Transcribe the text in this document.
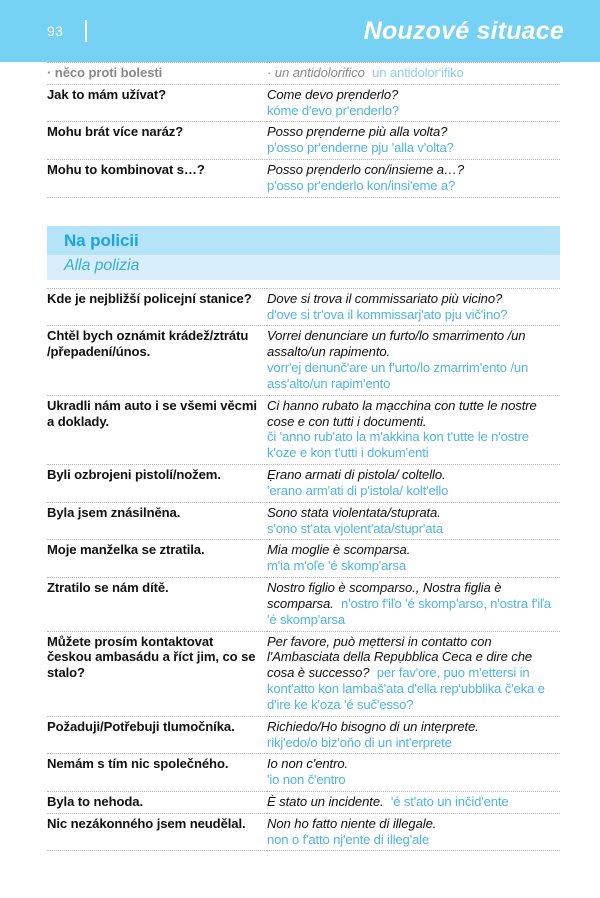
93	Nouzové situace
· něco proti bolesti	· un antidolorifico un antidolor'ifiko
Jak to mám užívat?	Come devo prẹnderlo?
kóme d'evo pr'enderlo?
Mohu brát více naráz?	Posso prẹnderne più alla volta?
p'osso pr'enderne pju 'alla v'olta?
Mohu to kombinovat s…?	Posso prẹnderlo con/insieme a…?
p'osso pr'enderlo kon/insi'eme a?
Na policii
Alla polizia
Kde je nejbližší policejní stanice?	Dove si trova il commissariato più vicino?
d'ove si tr'ova il kommissarj'ato pju vič'ino?
Chtěl bych oznámit krádež/ztrátu /přepadení/únos.	Vorrei denunciare un furto/lo smarrimento /un assalto/un rapimento.
vorr'ej denunč'are un f'urto/lo zmarrim'ento /un ass'alto/un rapim'ento
Ukradli nám auto i se všemi věcmi a doklady.	Ci hanno rubato la mạcchina con tutte le nostre cose e con tutti i documenti.
či 'anno rub'ato la m'akkina kon t'utte le n'ostre k'oze e kon t'utti i dokum'enti
Byli ozbrojeni pistolí/nožem.	Ẹrano armati di pistola/ coltello.
'erano arm'ati di p'istola/ kolt'ello
Byla jsem znásilněna.	Sono stata violentata/stuprata.
s'ono st'ata vjolent'ata/stupr'ata
Moje manželka se ztratila.	Mia moglie è scomparsa.
m'ia m'oľe 'é skomp'arsa
Ztratilo se nám dítě.	Nostro figlio è scomparso., Nostra figlia è scomparsa. n'ostro f'iľo 'é skomp'arso, n'ostra f'iľa 'é skomp'arsa
Můžete prosím kontaktovat českou ambasádu a říct jim, co se stalo?	Per favore, può mẹttersi in contatto con l'Ambasciata della Repụbblica Ceca e dire che cosa è successo? per fav'ore, puo m'ettersi in kont'atto kon lambaš'ata d'ella rep'ubblika č'eka e d'ire ke k'oza 'é suč'esso?
Požaduji/Potřebuji tlumočníka.	Richiedo/Ho bisogno di un intẹrprete.
rikj'edo/o biz'oňo di un int'erprete
Nemám s tím nic společného.	Io non c'entro.
'io non č'entro
Byla to nehoda.	È stato un incidente. 'é st'ato un inčid'ente
Nic nezákonného jsem neudělal.	Non ho fatto niente di illegale.
non o f'atto nj'ente di illeg'ale
